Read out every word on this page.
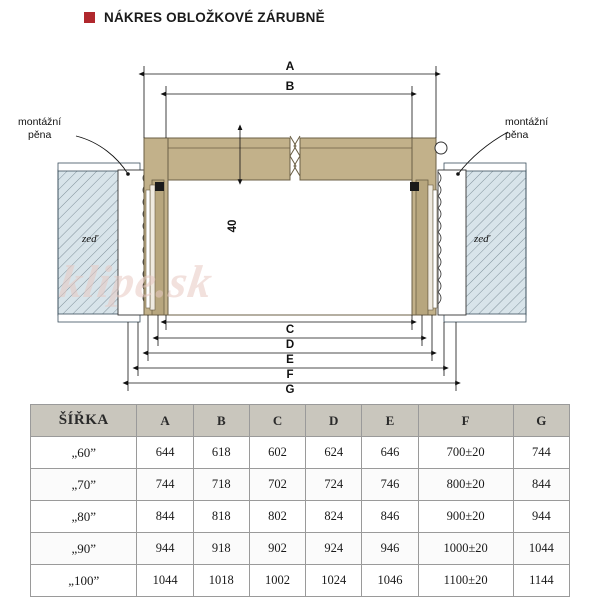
NÁKRES OBLOŽKOVÉ ZÁRUBNĚ
zeď	zeď
montážní
pěna
montážní
pěna
A
B
40
C
D
E
F
G
klipe.sk
ŠÍŘKA	A	B	C	D	E	F	G
„60”	644	618	602	624	646	700±20	744
„70”	744	718	702	724	746	800±20	844
„80”	844	818	802	824	846	900±20	944
„90”	944	918	902	924	946	1000±20	1044
„100”	1044	1018	1002	1024	1046	1100±20	1144
